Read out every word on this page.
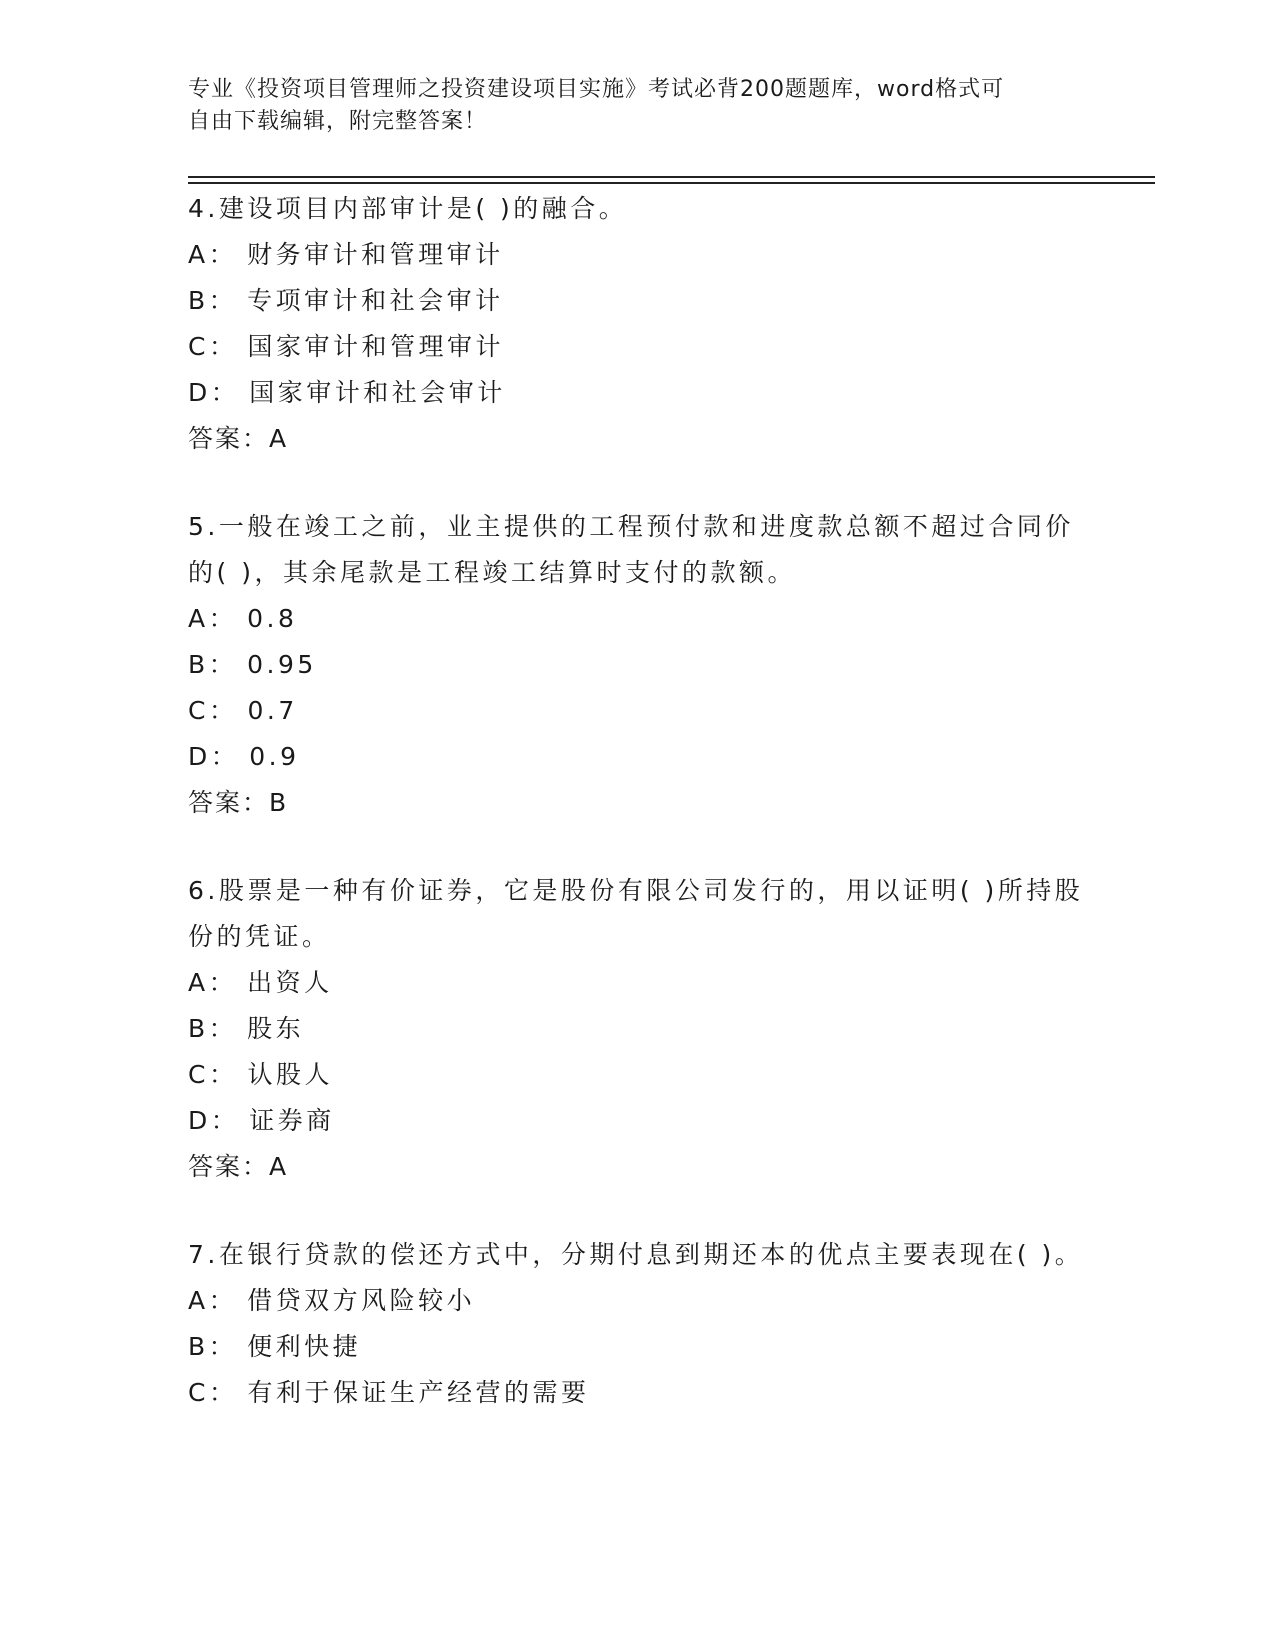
专业《投资项目管理师之投资建设项目实施》考试必背200题题库，word格式可
自由下载编辑，附完整答案！
4.建设项目内部审计是( )的融合。
A： 财务审计和管理审计
B： 专项审计和社会审计
C： 国家审计和管理审计
D： 国家审计和社会审计
答案：A
5.一般在竣工之前，业主提供的工程预付款和进度款总额不超过合同价的( )，其余尾款是工程竣工结算时支付的款额。
A： 0.8
B： 0.95
C： 0.7
D： 0.9
答案：B
6.股票是一种有价证券，它是股份有限公司发行的，用以证明( )所持股份的凭证。
A： 出资人
B： 股东
C： 认股人
D： 证券商
答案：A
7.在银行贷款的偿还方式中，分期付息到期还本的优点主要表现在( )。
A： 借贷双方风险较小
B： 便利快捷
C： 有利于保证生产经营的需要
